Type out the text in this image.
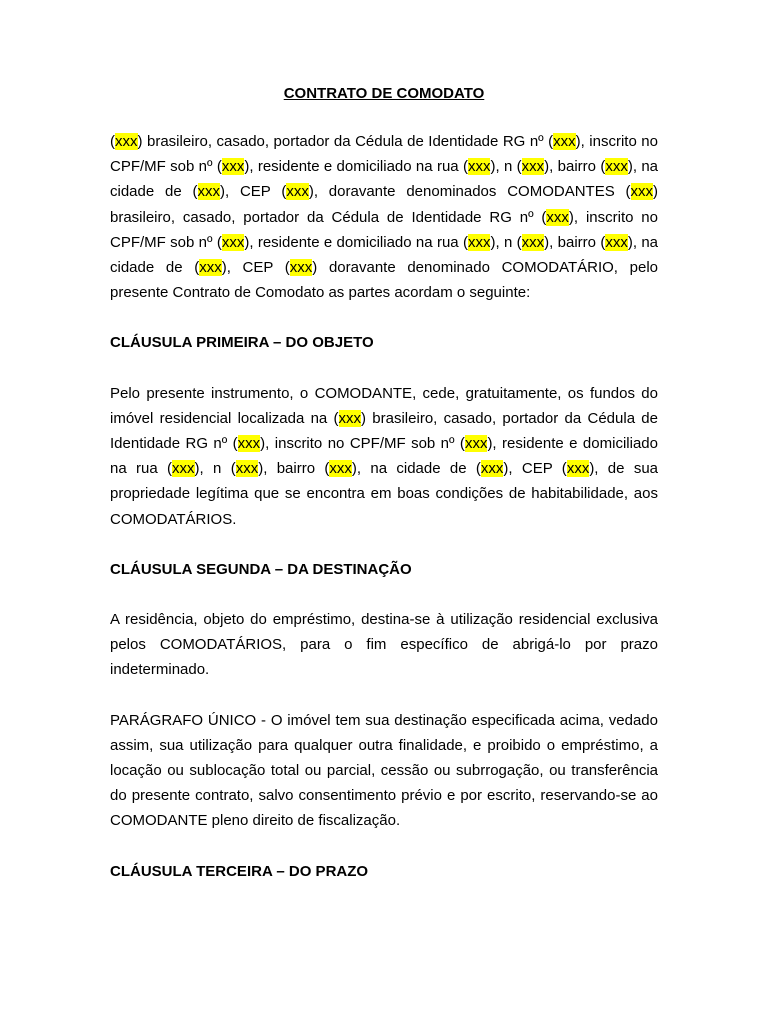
CONTRATO DE COMODATO
(xxx) brasileiro, casado, portador da Cédula de Identidade RG nº (xxx), inscrito no CPF/MF sob nº (xxx), residente e domiciliado na rua (xxx), n (xxx), bairro (xxx), na cidade de (xxx), CEP (xxx), doravante denominados COMODANTES (xxx) brasileiro, casado, portador da Cédula de Identidade RG nº (xxx), inscrito no CPF/MF sob nº (xxx), residente e domiciliado na rua (xxx), n (xxx), bairro (xxx), na cidade de (xxx), CEP (xxx) doravante denominado COMODATÁRIO, pelo presente Contrato de Comodato as partes acordam o seguinte:
CLÁUSULA PRIMEIRA – DO OBJETO
Pelo presente instrumento, o COMODANTE, cede, gratuitamente, os fundos do imóvel residencial localizada na (xxx) brasileiro, casado, portador da Cédula de Identidade RG nº (xxx), inscrito no CPF/MF sob nº (xxx), residente e domiciliado na rua (xxx), n (xxx), bairro (xxx), na cidade de (xxx), CEP (xxx), de sua propriedade legítima que se encontra em boas condições de habitabilidade, aos COMODATÁRIOS.
CLÁUSULA SEGUNDA – DA DESTINAÇÃO
A residência, objeto do empréstimo, destina-se à utilização residencial exclusiva pelos COMODATÁRIOS, para o fim específico de abrigá-lo por prazo indeterminado.
PARÁGRAFO ÚNICO - O imóvel tem sua destinação especificada acima, vedado assim, sua utilização para qualquer outra finalidade, e proibido o empréstimo, a locação ou sublocação total ou parcial, cessão ou subrrogação, ou transferência do presente contrato, salvo consentimento prévio e por escrito, reservando-se ao COMODANTE pleno direito de fiscalização.
CLÁUSULA TERCEIRA – DO PRAZO
